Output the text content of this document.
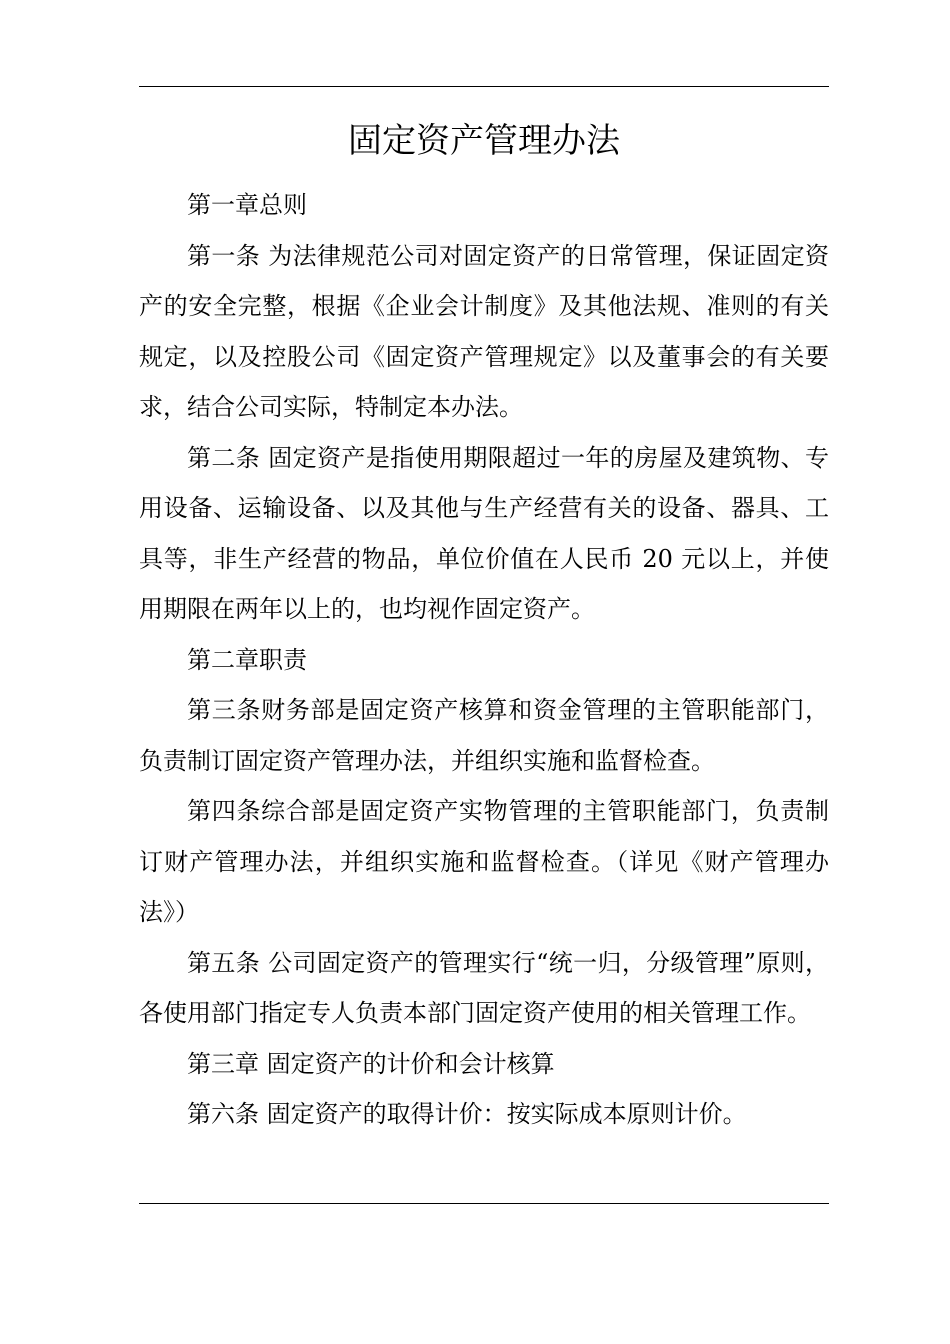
固定资产管理办法

第一章总则

第一条 为法律规范公司对固定资产的日常管理，保证固定资产的安全完整，根据《企业会计制度》及其他法规、准则的有关规定，以及控股公司《固定资产管理规定》以及董事会的有关要求，结合公司实际，特制定本办法。

第二条 固定资产是指使用期限超过一年的房屋及建筑物、专用设备、运输设备、以及其他与生产经营有关的设备、器具、工具等，非生产经营的物品，单位价值在人民币 20 元以上，并使用期限在两年以上的，也均视作固定资产。

第二章职责

第三条财务部是固定资产核算和资金管理的主管职能部门，负责制订固定资产管理办法，并组织实施和监督检查。

第四条综合部是固定资产实物管理的主管职能部门，负责制订财产管理办法，并组织实施和监督检查。（详见《财产管理办法》）

第五条 公司固定资产的管理实行“统一归，分级管理”原则，各使用部门指定专人负责本部门固定资产使用的相关管理工作。

第三章 固定资产的计价和会计核算

第六条 固定资产的取得计价：按实际成本原则计价。
